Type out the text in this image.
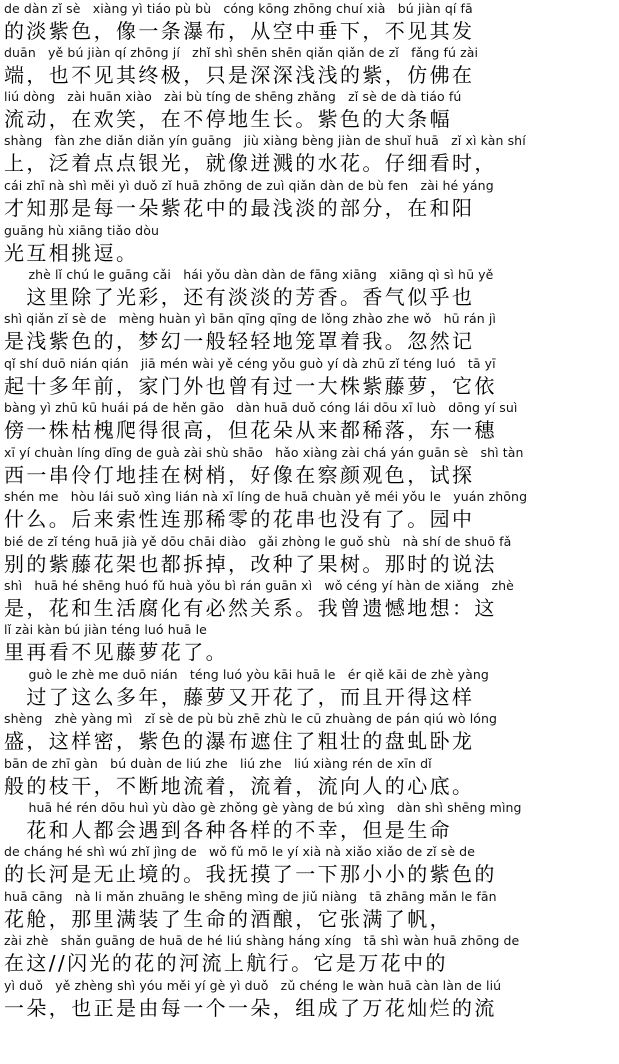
de dàn zǐ sè   xiàng yì tiáo pù bù   cóng kōng zhōng chuí xià   bú jiàn qí fā
的淡紫色，像一条瀑布，从空中垂下，不见其发
duān   yě bú jiàn qí zhōng jí   zhǐ shì shēn shēn qiǎn qiǎn de zǐ   fǎng fú zài
端，也不见其终极，只是深深浅浅的紫，仿佛在
liú dòng   zài huān xiào   zài bù tíng de shēng zhǎng   zǐ sè de dà tiáo fú
流动，在欢笑，在不停地生长。紫色的大条幅
shàng   fàn zhe diǎn diǎn yín guāng   jiù xiàng bèng jiàn de shuǐ huā   zǐ xì kàn shí
上，泛着点点银光，就像迸溅的水花。仔细看时，
cái zhī nà shì měi yì duǒ zǐ huā zhōng de zuì qiǎn dàn de bù fen   zài hé yáng
才知那是每一朵紫花中的最浅淡的部分，在和阳
guāng hù xiāng tiǎo dòu
光互相挑逗。
zhè lǐ chú le guāng cǎi   hái yǒu dàn dàn de fāng xiāng   xiāng qì sì hū yě
　这里除了光彩，还有淡淡的芳香。香气似乎也
shì qiǎn zǐ sè de   mèng huàn yì bān qīng qīng de lǒng zhào zhe wǒ   hū rán jì
是浅紫色的，梦幻一般轻轻地笼罩着我。忽然记
qǐ shí duō nián qián   jiā mén wài yě céng yǒu guò yí dà zhū zǐ téng luó   tā yī
起十多年前，家门外也曾有过一大株紫藤萝，它依
bàng yì zhū kū huái pá de hěn gāo   dàn huā duǒ cóng lái dōu xī luò   dōng yí suì
傍一株枯槐爬得很高，但花朵从来都稀落，东一穗
xī yí chuàn líng dīng de guà zài shù shāo   hǎo xiàng zài chá yán guān sè   shì tàn
西一串伶仃地挂在树梢，好像在察颜观色，试探
shén me   hòu lái suǒ xìng lián nà xī líng de huā chuàn yě méi yǒu le   yuán zhōng
什么。后来索性连那稀零的花串也没有了。园中
bié de zǐ téng huā jià yě dōu chāi diào   gǎi zhòng le guǒ shù   nà shí de shuō fǎ
别的紫藤花架也都拆掉，改种了果树。那时的说法
shì   huā hé shēng huó fǔ huà yǒu bì rán guān xì   wǒ céng yí hàn de xiǎng   zhè
是，花和生活腐化有必然关系。我曾遗憾地想：这
lǐ zài kàn bú jiàn téng luó huā le
里再看不见藤萝花了。
guò le zhè me duō nián   téng luó yòu kāi huā le   ér qiě kāi de zhè yàng
　过了这么多年，藤萝又开花了，而且开得这样
shèng   zhè yàng mì   zǐ sè de pù bù zhē zhù le cū zhuàng de pán qiú wò lóng
盛，这样密，紫色的瀑布遮住了粗壮的盘虬卧龙
bān de zhī gàn   bú duàn de liú zhe   liú zhe   liú xiàng rén de xīn dǐ
般的枝干，不断地流着，流着，流向人的心底。
huā hé rén dōu huì yù dào gè zhǒng gè yàng de bú xìng   dàn shì shēng mìng
　花和人都会遇到各种各样的不幸，但是生命
de cháng hé shì wú zhǐ jìng de   wǒ fǔ mō le yí xià nà xiǎo xiǎo de zǐ sè de
的长河是无止境的。我抚摸了一下那小小的紫色的
huā cāng   nà li mǎn zhuāng le shēng mìng de jiǔ niàng   tā zhāng mǎn le fān
花舱，那里满装了生命的酒酿，它张满了帆，
zài zhè   shǎn guāng de huā de hé liú shàng háng xíng   tā shì wàn huā zhōng de
在这//闪光的花的河流上航行。它是万花中的
yì duǒ   yě zhèng shì yóu měi yí gè yì duǒ   zǔ chéng le wàn huā càn làn de liú
一朵，也正是由每一个一朵，组成了万花灿烂的流
